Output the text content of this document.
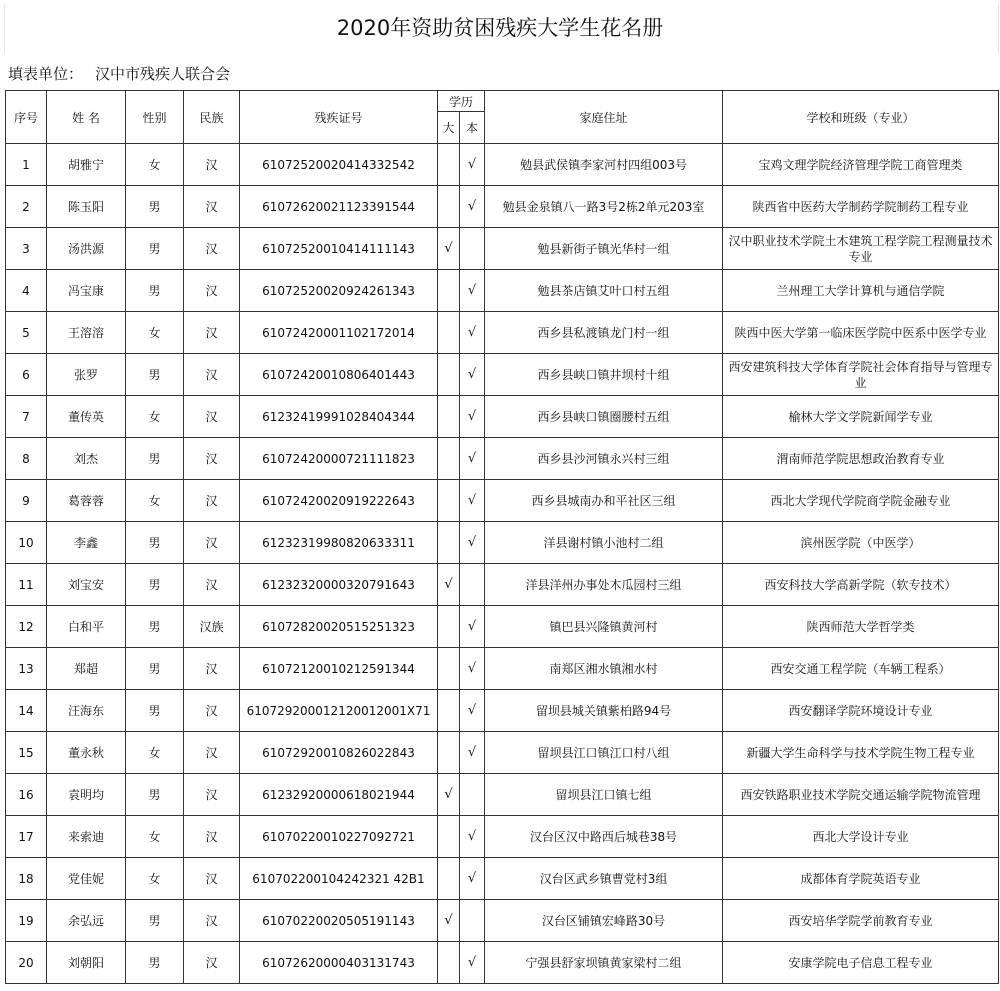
2020年资助贫困残疾大学生花名册
填表单位： 汉中市残疾人联合会
序号	姓 名	性别	民族	残疾证号	学历		家庭住址	学校和班级（专业）
					大	本		
1	胡雅宁	女	汉	61072520020414332542		√	勉县武侯镇李家河村四组003号	宝鸡文理学院经济管理学院工商管理类
2	陈玉阳	男	汉	61072620021123391544		√	勉县金泉镇八一路3号2栋2单元203室	陕西省中医药大学制药学院制药工程专业
3	汤洪源	男	汉	61072520010414111143	√		勉县新街子镇光华村一组	汉中职业技术学院土木建筑工程学院工程测量技术专业
4	冯宝康	男	汉	61072520020924261343		√	勉县茶店镇艾叶口村五组	兰州理工大学计算机与通信学院
5	王溶溶	女	汉	61072420001102172014		√	西乡县私渡镇龙门村一组	陕西中医大学第一临床医学院中医系中医学专业
6	张罗	男	汉	61072420010806401443		√	西乡县峡口镇井坝村十组	西安建筑科技大学体育学院社会体育指导与管理专业
7	董传英	女	汉	61232419991028404344		√	西乡县峡口镇圈腰村五组	榆林大学文学院新闻学专业
8	刘杰	男	汉	61072420000721111823		√	西乡县沙河镇永兴村三组	渭南师范学院思想政治教育专业
9	葛蓉蓉	女	汉	61072420020919222643		√	西乡县城南办和平社区三组	西北大学现代学院商学院金融专业
10	李鑫	男	汉	61232319980820633311		√	洋县谢村镇小池村二组	滨州医学院（中医学）
11	刘宝安	男	汉	61232320000320791643	√		洋县洋州办事处木瓜园村三组	西安科技大学高新学院（软专技术）
12	白和平	男	汉族	61072820020515251323		√	镇巴县兴隆镇黄河村	陕西师范大学哲学类
13	郑超	男	汉	61072120010212591344		√	南郑区湘水镇湘水村	西安交通工程学院（车辆工程系）
14	汪海东	男	汉	610729200012120012001X71		√	留坝县城关镇紫柏路94号	西安翻译学院环境设计专业
15	董永秋	女	汉	61072920010826022843		√	留坝县江口镇江口村八组	新疆大学生命科学与技术学院生物工程专业
16	袁明均	男	汉	61232920000618021944	√		留坝县江口镇七组	西安铁路职业技术学院交通运输学院物流管理
17	来索迪	女	汉	61070220010227092721		√	汉台区汉中路西后城巷38号	西北大学设计专业
18	党佳妮	女	汉	610702200104242321 42B1		√	汉台区武乡镇曹党村3组	成都体育学院英语专业
19	余弘远	男	汉	61070220020505191143	√		汉台区铺镇宏峰路30号	西安培华学院学前教育专业
20	刘朝阳	男	汉	61072620000403131743		√	宁强县舒家坝镇黄家梁村二组	安康学院电子信息工程专业
